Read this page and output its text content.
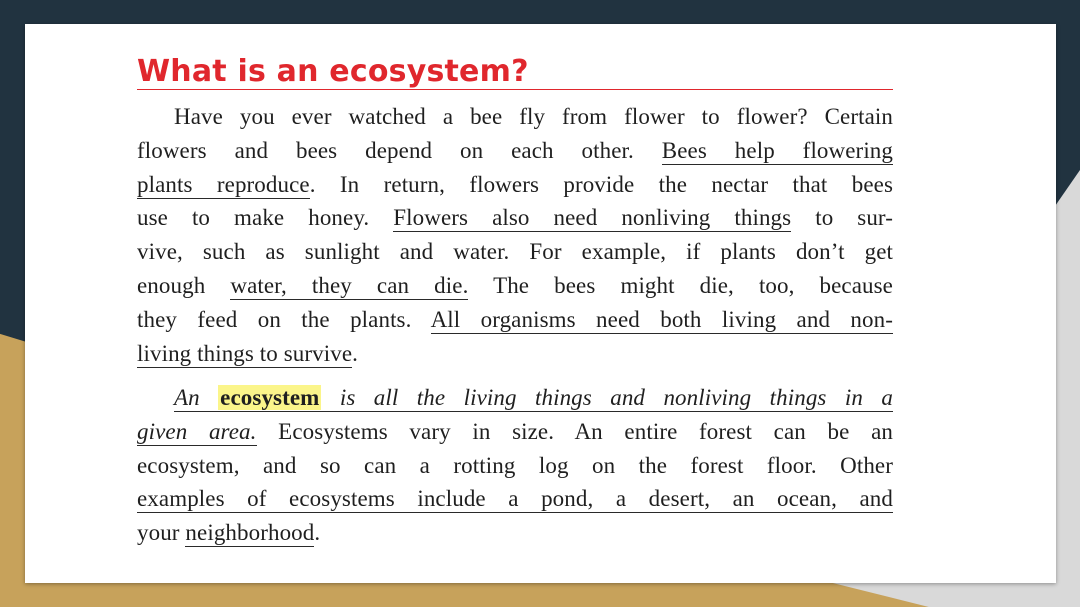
What is an ecosystem?
Have you ever watched a bee fly from flower to flower? Certain
flowers and bees depend on each other. Bees help flowering
plants reproduce. In return, flowers provide the nectar that bees
use to make honey. Flowers also need nonliving things to sur-
vive, such as sunlight and water. For example, if plants don’t get
enough water, they can die. The bees might die, too, because
they feed on the plants. All organisms need both living and non-
living things to survive.
An ecosystem is all the living things and nonliving things in a
given area. Ecosystems vary in size. An entire forest can be an
ecosystem, and so can a rotting log on the forest floor. Other
examples of ecosystems include a pond, a desert, an ocean, and
your neighborhood.
